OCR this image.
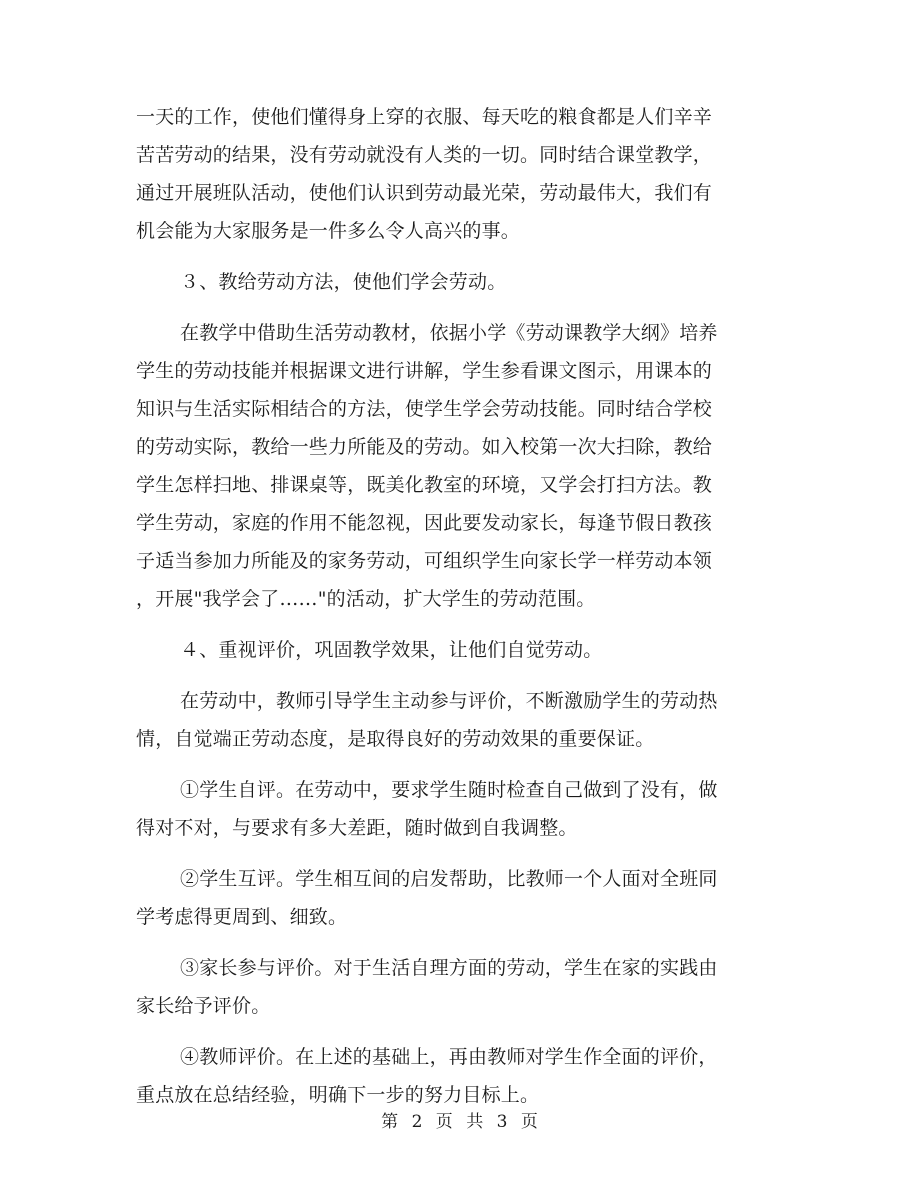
一天的工作，使他们懂得身上穿的衣服、每天吃的粮食都是人们辛辛
苦苦劳动的结果，没有劳动就没有人类的一切。同时结合课堂教学，
通过开展班队活动，使他们认识到劳动最光荣，劳动最伟大，我们有
机会能为大家服务是一件多么令人高兴的事。
３、教给劳动方法，使他们学会劳动。
在教学中借助生活劳动教材，依据小学《劳动课教学大纲》培养
学生的劳动技能并根据课文进行讲解，学生参看课文图示，用课本的
知识与生活实际相结合的方法，使学生学会劳动技能。同时结合学校
的劳动实际，教给一些力所能及的劳动。如入校第一次大扫除，教给
学生怎样扫地、排课桌等，既美化教室的环境，又学会打扫方法。教
学生劳动，家庭的作用不能忽视，因此要发动家长，每逢节假日教孩
子适当参加力所能及的家务劳动，可组织学生向家长学一样劳动本领
，开展"我学会了……"的活动，扩大学生的劳动范围。
４、重视评价，巩固教学效果，让他们自觉劳动。
在劳动中，教师引导学生主动参与评价，不断激励学生的劳动热
情，自觉端正劳动态度，是取得良好的劳动效果的重要保证。
①学生自评。在劳动中，要求学生随时检查自己做到了没有，做
得对不对，与要求有多大差距，随时做到自我调整。
②学生互评。学生相互间的启发帮助，比教师一个人面对全班同
学考虑得更周到、细致。
③家长参与评价。对于生活自理方面的劳动，学生在家的实践由
家长给予评价。
④教师评价。在上述的基础上，再由教师对学生作全面的评价，
重点放在总结经验，明确下一步的努力目标上。
第 2 页 共 3 页
